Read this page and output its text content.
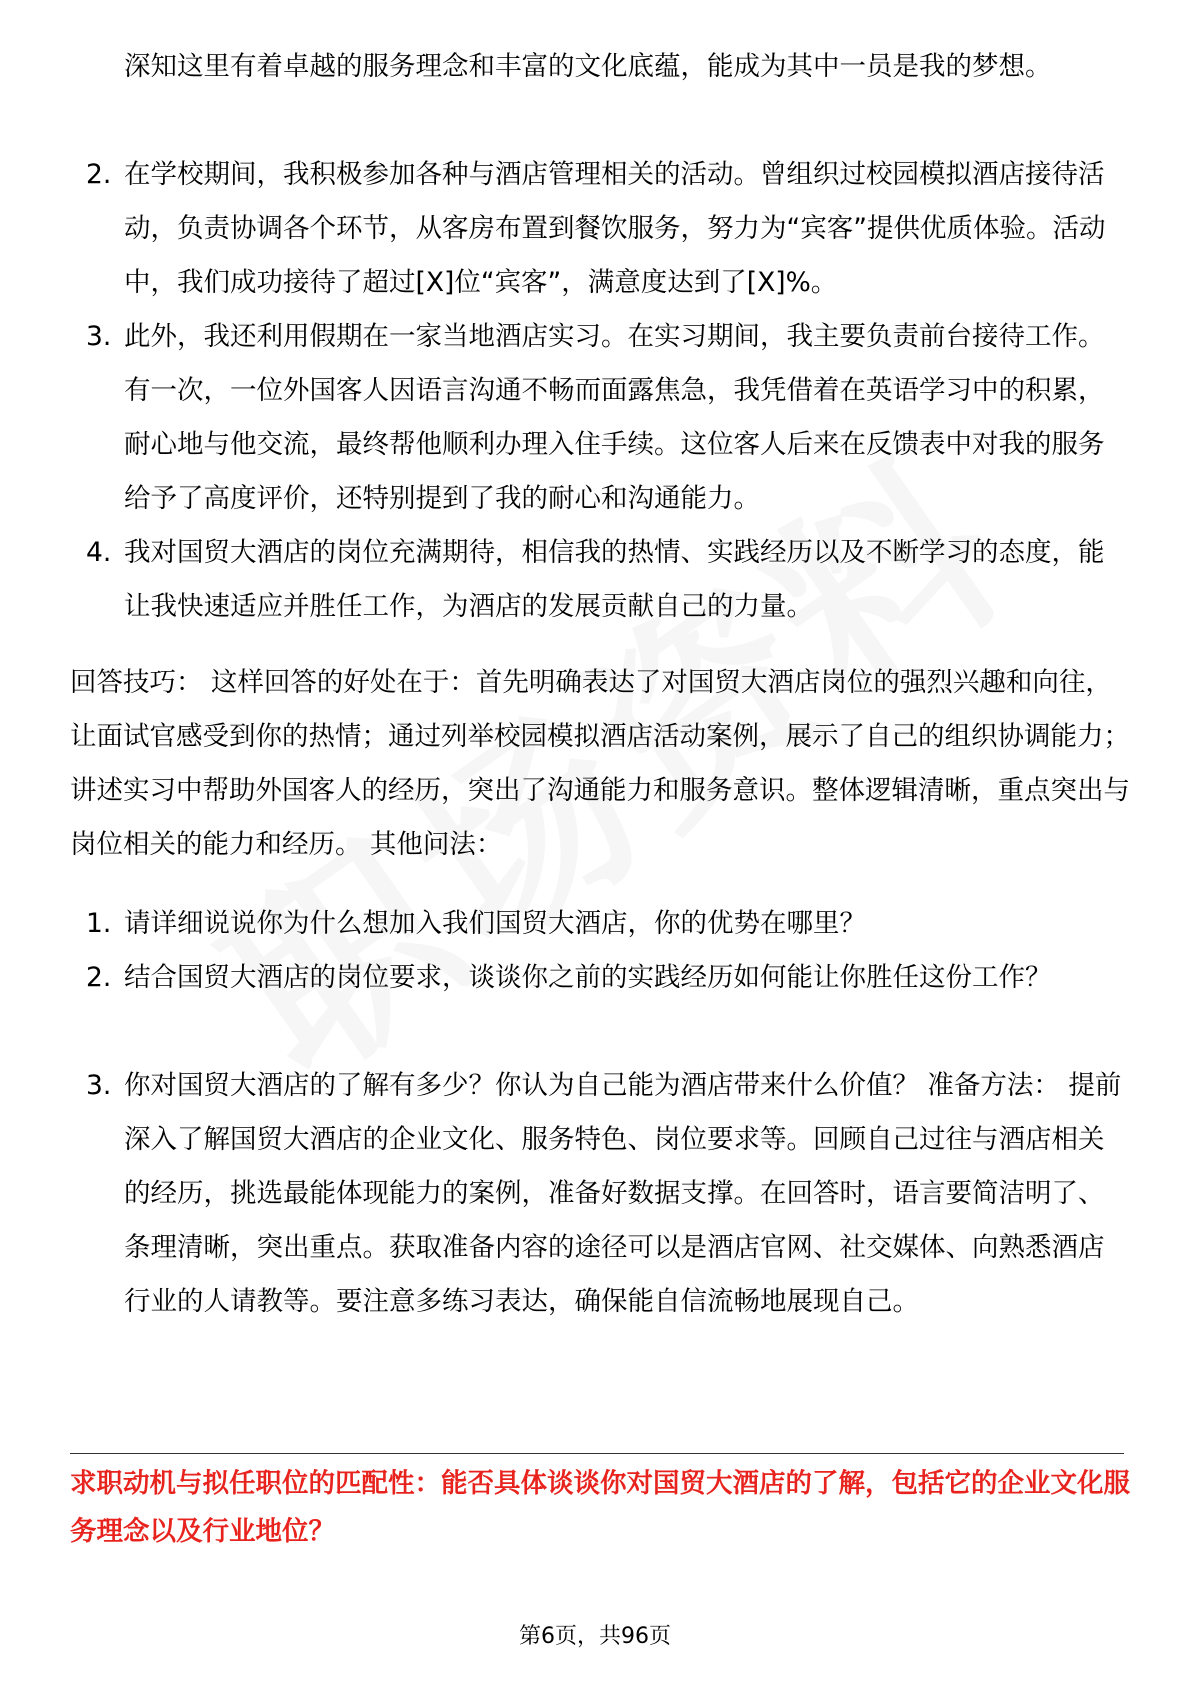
深知这里有着卓越的服务理念和丰富的文化底蕴，能成为其中一员是我的梦想。

2. 在学校期间，我积极参加各种与酒店管理相关的活动。曾组织过校园模拟酒店接待活动，负责协调各个环节，从客房布置到餐饮服务，努力为“宾客”提供优质体验。活动中，我们成功接待了超过[X]位“宾客”，满意度达到了[X]%。

3. 此外，我还利用假期在一家当地酒店实习。在实习期间，我主要负责前台接待工作。有一次，一位外国客人因语言沟通不畅而面露焦急，我凭借着在英语学习中的积累，耐心地与他交流，最终帮他顺利办理入住手续。这位客人后来在反馈表中对我的服务给予了高度评价，还特别提到了我的耐心和沟通能力。

4. 我对国贸大酒店的岗位充满期待，相信我的热情、实践经历以及不断学习的态度，能让我快速适应并胜任工作，为酒店的发展贡献自己的力量。

回答技巧： 这样回答的好处在于：首先明确表达了对国贸大酒店岗位的强烈兴趣和向往，让面试官感受到你的热情；通过列举校园模拟酒店活动案例，展示了自己的组织协调能力；讲述实习中帮助外国客人的经历，突出了沟通能力和服务意识。整体逻辑清晰，重点突出与岗位相关的能力和经历。 其他问法：

1. 请详细说说你为什么想加入我们国贸大酒店，你的优势在哪里？

2. 结合国贸大酒店的岗位要求，谈谈你之前的实践经历如何能让你胜任这份工作？

3. 你对国贸大酒店的了解有多少？你认为自己能为酒店带来什么价值？ 准备方法： 提前深入了解国贸大酒店的企业文化、服务特色、岗位要求等。回顾自己过往与酒店相关的经历，挑选最能体现能力的案例，准备好数据支撑。在回答时，语言要简洁明了、条理清晰，突出重点。获取准备内容的途径可以是酒店官网、社交媒体、向熟悉酒店行业的人请教等。要注意多练习表达，确保能自信流畅地展现自己。

求职动机与拟任职位的匹配性：能否具体谈谈你对国贸大酒店的了解，包括它的企业文化服务理念以及行业地位？

第6页，共96页
